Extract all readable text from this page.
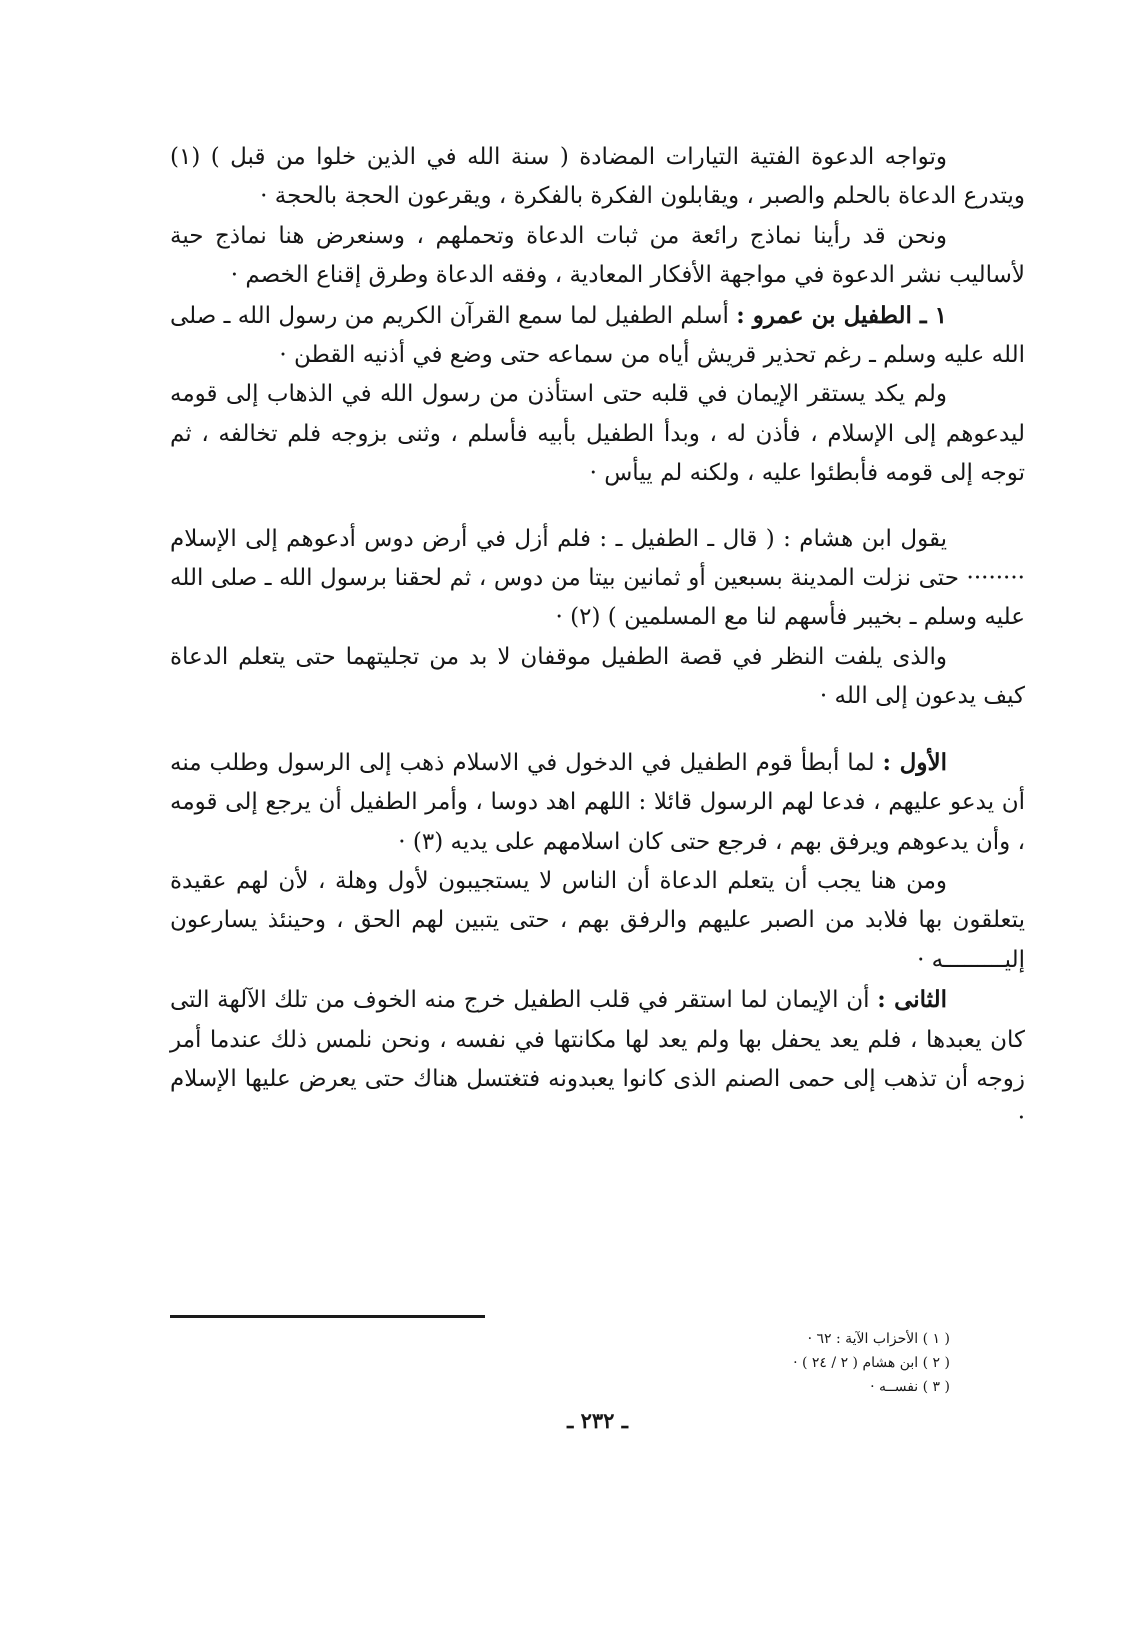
وتواجه الدعوة الفتية التيارات المضادة ( سنة الله في الذين خلوا من قبل ) (١) ويتدرع الدعاة بالحلم والصبر ، ويقابلون الفكرة بالفكرة ، ويقرعون الحجة بالحجة ·

ونحن قد رأينا نماذج رائعة من ثبات الدعاة وتحملهم ، وسنعرض هنا نماذج حية لأساليب نشر الدعوة في مواجهة الأفكار المعادية ، وفقه الدعاة وطرق إقناع الخصم ·

١ ـ الطفيل بن عمرو : أسلم الطفيل لما سمع القرآن الكريم من رسول الله ـ صلى الله عليه وسلم ـ رغم تحذير قريش أياه من سماعه حتى وضع في أذنيه القطن ·

ولم يكد يستقر الإيمان في قلبه حتى استأذن من رسول الله في الذهاب إلى قومه ليدعوهم إلى الإسلام ، فأذن له ، وبدأ الطفيل بأبيه فأسلم ، وثنى بزوجه فلم تخالفه ، ثم توجه إلى قومه فأبطئوا عليه ، ولكنه لم ييأس ·

يقول ابن هشام : ( قال ـ الطفيل ـ : فلم أزل في أرض دوس أدعوهم إلى الإسلام ········ حتى نزلت المدينة بسبعين أو ثمانين بيتا من دوس ، ثم لحقنا برسول الله ـ صلى الله عليه وسلم ـ بخيبر فأسهم لنا مع المسلمين ) (٢) ·

والذى يلفت النظر في قصة الطفيل موقفان لا بد من تجليتهما حتى يتعلم الدعاة كيف يدعون إلى الله ·

الأول : لما أبطأ قوم الطفيل في الدخول في الاسلام ذهب إلى الرسول وطلب منه أن يدعو عليهم ، فدعا لهم الرسول قائلا : اللهم اهد دوسا ، وأمر الطفيل أن يرجع إلى قومه ، وأن يدعوهم ويرفق بهم ، فرجع حتى كان اسلامهم على يديه (٣) ·

ومن هنا يجب أن يتعلم الدعاة أن الناس لا يستجيبون لأول وهلة ، لأن لهم عقيدة يتعلقون بها فلابد من الصبر عليهم والرفق بهم ، حتى يتبين لهم الحق ، وحينئذ يسارعون إليـــــــــه ·

الثانى : أن الإيمان لما استقر في قلب الطفيل خرج منه الخوف من تلك الآلهة التى كان يعبدها ، فلم يعد يحفل بها ولم يعد لها مكانتها في نفسه ، ونحن نلمس ذلك عندما أمر زوجه أن تذهب إلى حمى الصنم الذى كانوا يعبدونه فتغتسل هناك حتى يعرض عليها الإسلام ·

( ١ ) الأحزاب الآية : ٦٢ ·

( ٢ ) ابن هشام ( ٢ / ٢٤ ) ·

( ٣ ) نفســه ·

ـ ٢٣٢ ـ
